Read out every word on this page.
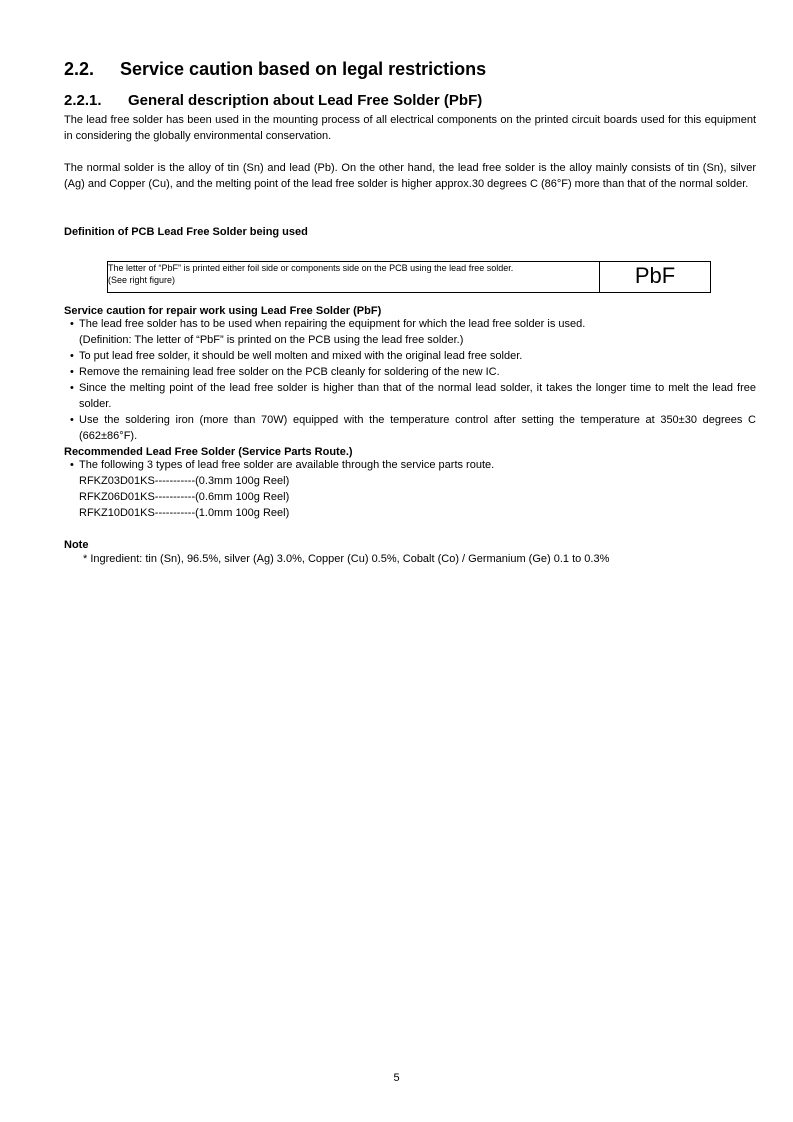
2.2. Service caution based on legal restrictions
2.2.1. General description about Lead Free Solder (PbF)
The lead free solder has been used in the mounting process of all electrical components on the printed circuit boards used for this equipment in considering the globally environmental conservation.
The normal solder is the alloy of tin (Sn) and lead (Pb). On the other hand, the lead free solder is the alloy mainly consists of tin (Sn), silver (Ag) and Copper (Cu), and the melting point of the lead free solder is higher approx.30 degrees C (86°F) more than that of the normal solder.
Definition of PCB Lead Free Solder being used
The letter of “PbF” is printed either foil side or components side on the PCB using the lead free solder.
(See right figure)	PbF
Service caution for repair work using Lead Free Solder (PbF)
• The lead free solder has to be used when repairing the equipment for which the lead free solder is used.
(Definition: The letter of “PbF” is printed on the PCB using the lead free solder.)
• To put lead free solder, it should be well molten and mixed with the original lead free solder.
• Remove the remaining lead free solder on the PCB cleanly for soldering of the new IC.
• Since the melting point of the lead free solder is higher than that of the normal lead solder, it takes the longer time to melt the lead free solder.
• Use the soldering iron (more than 70W) equipped with the temperature control after setting the temperature at 350±30 degrees C (662±86°F).
Recommended Lead Free Solder (Service Parts Route.)
• The following 3 types of lead free solder are available through the service parts route.
RFKZ03D01KS-----------(0.3mm 100g Reel)
RFKZ06D01KS-----------(0.6mm 100g Reel)
RFKZ10D01KS-----------(1.0mm 100g Reel)
Note
* Ingredient: tin (Sn), 96.5%, silver (Ag) 3.0%, Copper (Cu) 0.5%, Cobalt (Co) / Germanium (Ge) 0.1 to 0.3%
5
